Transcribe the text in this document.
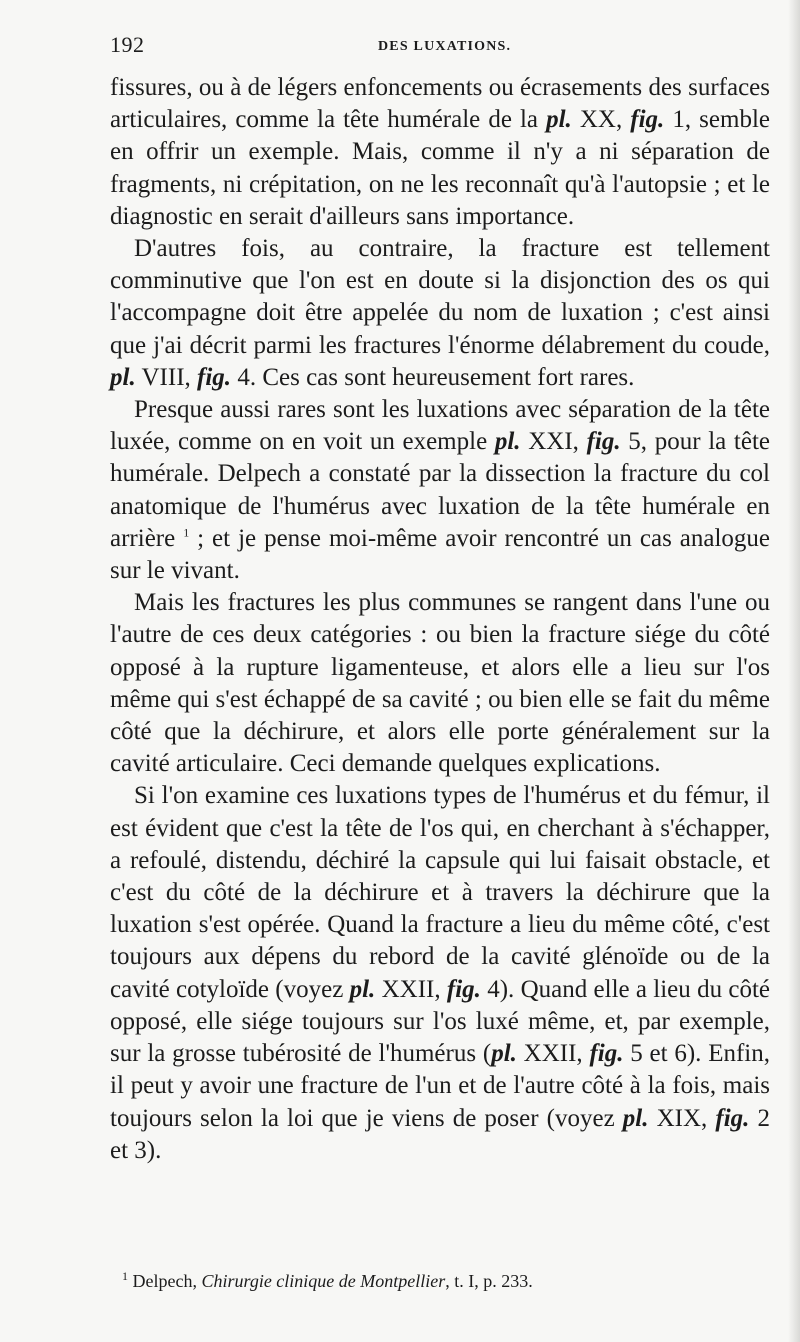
192	DES LUXATIONS.

fissures, ou à de légers enfoncements ou écrasements des surfaces articulaires, comme la tête humérale de la pl. XX, fig. 1, semble en offrir un exemple. Mais, comme il n'y a ni séparation de fragments, ni crépitation, on ne les reconnaît qu'à l'autopsie ; et le diagnostic en serait d'ailleurs sans importance.

D'autres fois, au contraire, la fracture est tellement comminutive que l'on est en doute si la disjonction des os qui l'accompagne doit être appelée du nom de luxation ; c'est ainsi que j'ai décrit parmi les fractures l'énorme délabrement du coude, pl. VIII, fig. 4. Ces cas sont heureusement fort rares.

Presque aussi rares sont les luxations avec séparation de la tête luxée, comme on en voit un exemple pl. XXI, fig. 5, pour la tête humérale. Delpech a constaté par la dissection la fracture du col anatomique de l'humérus avec luxation de la tête humérale en arrière $^1$ ; et je pense moi-même avoir rencontré un cas analogue sur le vivant.

Mais les fractures les plus communes se rangent dans l'une ou l'autre de ces deux catégories : ou bien la fracture siége du côté opposé à la rupture ligamenteuse, et alors elle a lieu sur l'os même qui s'est échappé de sa cavité ; ou bien elle se fait du même côté que la déchirure, et alors elle porte généralement sur la cavité articulaire. Ceci demande quelques explications.

Si l'on examine ces luxations types de l'humérus et du fémur, il est évident que c'est la tête de l'os qui, en cherchant à s'échapper, a refoulé, distendu, déchiré la capsule qui lui faisait obstacle, et c'est du côté de la déchirure et à travers la déchirure que la luxation s'est opérée. Quand la fracture a lieu du même côté, c'est toujours aux dépens du rebord de la cavité glénoïde ou de la cavité cotyloïde (voyez pl. XXII, fig. 4). Quand elle a lieu du côté opposé, elle siége toujours sur l'os luxé même, et, par exemple, sur la grosse tubérosité de l'humérus (pl. XXII, fig. 5 et 6). Enfin, il peut y avoir une fracture de l'un et de l'autre côté à la fois, mais toujours selon la loi que je viens de poser (voyez pl. XIX, fig. 2 et 3).

$^1$ Delpech, Chirurgie clinique de Montpellier, t. I, p. 233.
